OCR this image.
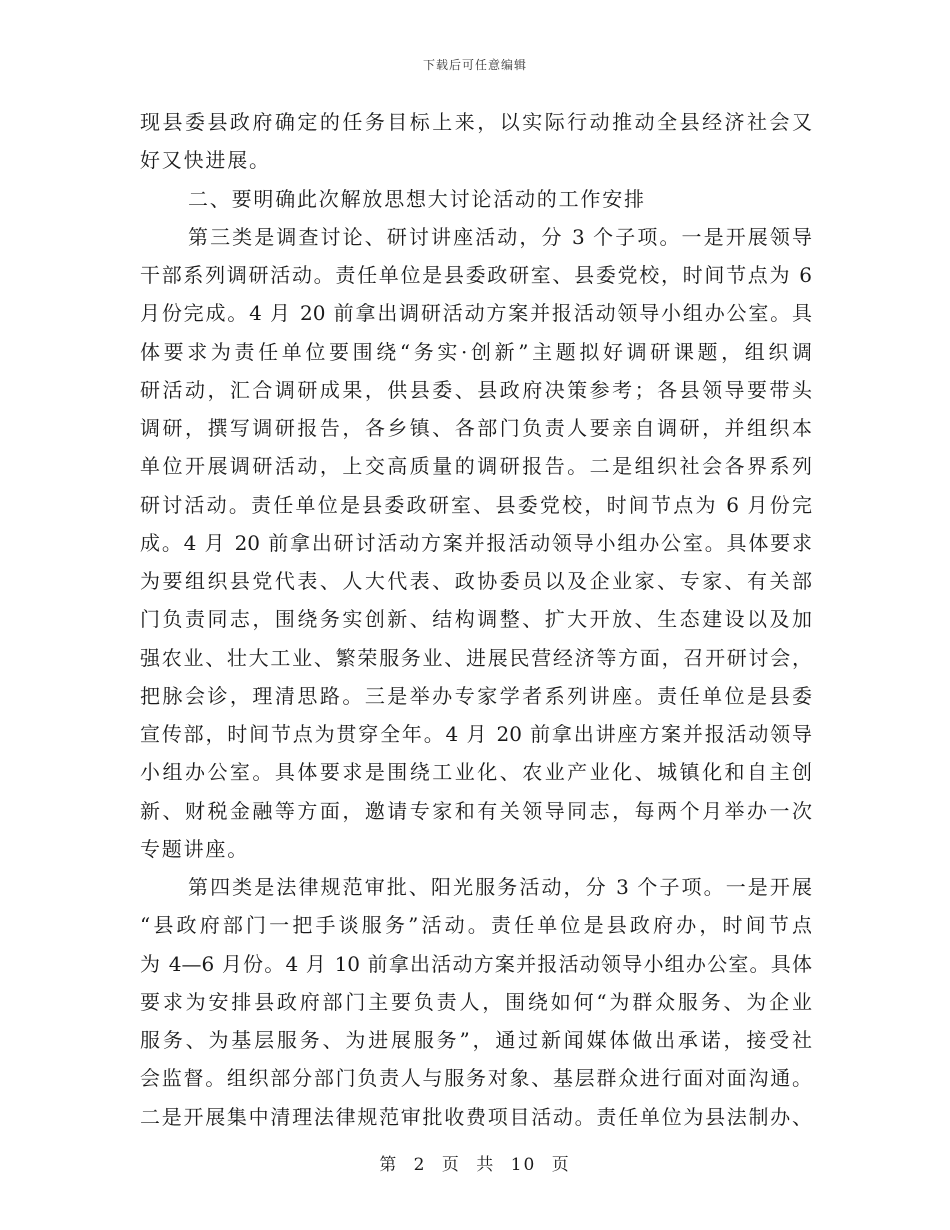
下载后可任意编辑
现县委县政府确定的任务目标上来，以实际行动推动全县经济社会又
好又快进展。
二、要明确此次解放思想大讨论活动的工作安排
第三类是调查讨论、研讨讲座活动，分 3 个子项。一是开展领导
干部系列调研活动。责任单位是县委政研室、县委党校，时间节点为 6
月份完成。4 月 20 前拿出调研活动方案并报活动领导小组办公室。具
体要求为责任单位要围绕“务实·创新”主题拟好调研课题，组织调
研活动，汇合调研成果，供县委、县政府决策参考；各县领导要带头
调研，撰写调研报告，各乡镇、各部门负责人要亲自调研，并组织本
单位开展调研活动，上交高质量的调研报告。二是组织社会各界系列
研讨活动。责任单位是县委政研室、县委党校，时间节点为 6 月份完
成。4 月 20 前拿出研讨活动方案并报活动领导小组办公室。具体要求
为要组织县党代表、人大代表、政协委员以及企业家、专家、有关部
门负责同志，围绕务实创新、结构调整、扩大开放、生态建设以及加
强农业、壮大工业、繁荣服务业、进展民营经济等方面，召开研讨会，
把脉会诊，理清思路。三是举办专家学者系列讲座。责任单位是县委
宣传部，时间节点为贯穿全年。4 月 20 前拿出讲座方案并报活动领导
小组办公室。具体要求是围绕工业化、农业产业化、城镇化和自主创
新、财税金融等方面，邀请专家和有关领导同志，每两个月举办一次
专题讲座。
第四类是法律规范审批、阳光服务活动，分 3 个子项。一是开展
“县政府部门一把手谈服务”活动。责任单位是县政府办，时间节点
为 4—6 月份。4 月 10 前拿出活动方案并报活动领导小组办公室。具体
要求为安排县政府部门主要负责人，围绕如何“为群众服务、为企业
服务、为基层服务、为进展服务”，通过新闻媒体做出承诺，接受社
会监督。组织部分部门负责人与服务对象、基层群众进行面对面沟通。
二是开展集中清理法律规范审批收费项目活动。责任单位为县法制办、
第 2 页 共 10 页
